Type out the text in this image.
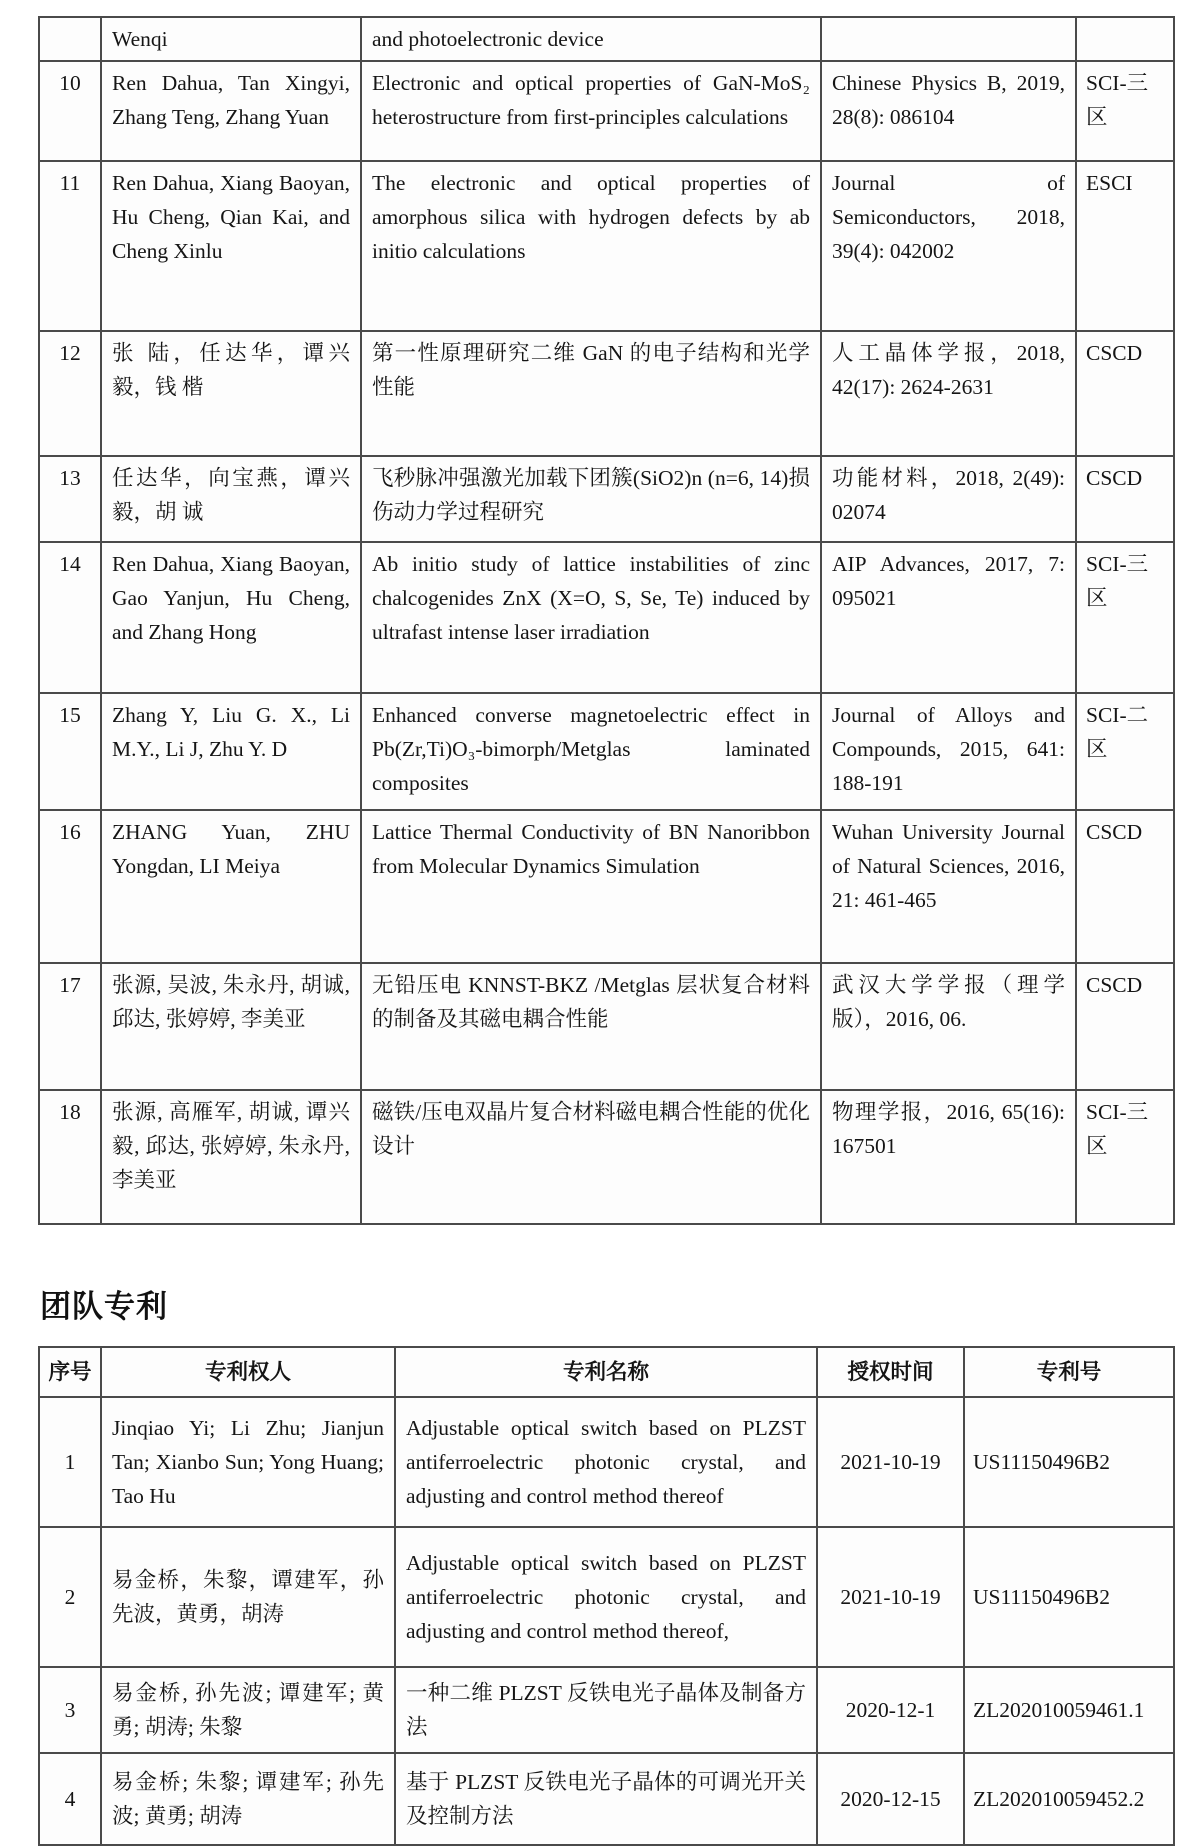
	Wenqi	and photoelectronic device		
10	Ren Dahua, Tan Xingyi, Zhang Teng, Zhang Yuan	Electronic and optical properties of GaN-MoS₂ heterostructure from first-principles calculations	Chinese Physics B, 2019, 28(8): 086104	SCI-三区
11	Ren Dahua, Xiang Baoyan, Hu Cheng, Qian Kai, and Cheng Xinlu	The electronic and optical properties of amorphous silica with hydrogen defects by ab initio calculations	Journal of Semiconductors, 2018, 39(4): 042002	ESCI
12	张 陆，任达华，谭兴毅，钱 楷	第一性原理研究二维 GaN 的电子结构和光学性能	人工晶体学报，2018, 42(17): 2624-2631	CSCD
13	任达华，向宝燕，谭兴毅，胡 诚	飞秒脉冲强激光加载下团簇(SiO2)n (n=6, 14)损伤动力学过程研究	功能材料，2018, 2(49): 02074	CSCD
14	Ren Dahua, Xiang Baoyan, Gao Yanjun, Hu Cheng, and Zhang Hong	Ab initio study of lattice instabilities of zinc chalcogenides ZnX (X=O, S, Se, Te) induced by ultrafast intense laser irradiation	AIP Advances, 2017, 7: 095021	SCI-三区
15	Zhang Y, Liu G. X., Li M.Y., Li J, Zhu Y. D	Enhanced converse magnetoelectric effect in Pb(Zr,Ti)O₃-bimorph/Metglas laminated composites	Journal of Alloys and Compounds, 2015, 641: 188-191	SCI-二区
16	ZHANG Yuan, ZHU Yongdan, LI Meiya	Lattice Thermal Conductivity of BN Nanoribbon from Molecular Dynamics Simulation	Wuhan University Journal of Natural Sciences, 2016, 21: 461-465	CSCD
17	张源, 吴波, 朱永丹, 胡诚, 邱达, 张婷婷, 李美亚	无铅压电 KNNST-BKZ /Metglas 层状复合材料的制备及其磁电耦合性能	武汉大学学报（理学版），2016, 06.	CSCD
18	张源, 高雁军, 胡诚, 谭兴毅, 邱达, 张婷婷, 朱永丹, 李美亚	磁铁/压电双晶片复合材料磁电耦合性能的优化设计	物理学报，2016, 65(16): 167501	SCI-三区
团队专利
序号	专利权人	专利名称	授权时间	专利号
1	Jinqiao Yi; Li Zhu; Jianjun Tan; Xianbo Sun; Yong Huang; Tao Hu	Adjustable optical switch based on PLZST antiferroelectric photonic crystal, and adjusting and control method thereof	2021-10-19	US11150496B2
2	易金桥，朱黎，谭建军，孙先波，黄勇，胡涛	Adjustable optical switch based on PLZST antiferroelectric photonic crystal, and adjusting and control method thereof,	2021-10-19	US11150496B2
3	易金桥, 孙先波; 谭建军; 黄勇; 胡涛; 朱黎	一种二维 PLZST 反铁电光子晶体及制备方法	2020-12-1	ZL202010059461.1
4	易金桥; 朱黎; 谭建军; 孙先波; 黄勇; 胡涛	基于 PLZST 反铁电光子晶体的可调光开关及控制方法	2020-12-15	ZL202010059452.2
